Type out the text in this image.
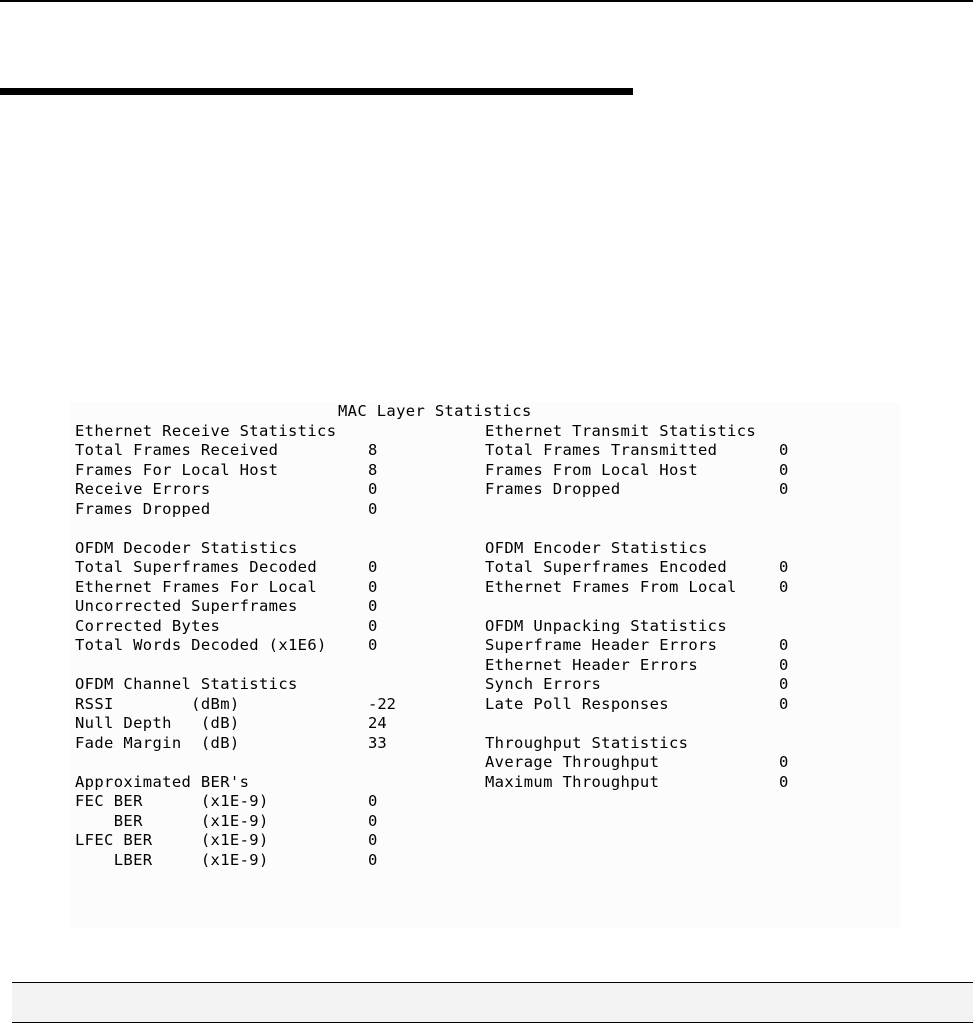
MAC Layer Statistics
Ethernet Receive Statistics
Total Frames Received	8
Frames For Local Host	8
Receive Errors	0
Frames Dropped	0
OFDM Decoder Statistics
Total Superframes Decoded	0
Ethernet Frames For Local	0
Uncorrected Superframes	0
Corrected Bytes	0
Total Words Decoded (x1E6)	0
OFDM Channel Statistics
RSSI        (dBm)	-22
Null Depth   (dB)	24
Fade Margin  (dB)	33
Approximated BER's
FEC BER      (x1E-9)	0
BER      (x1E-9)	0
LFEC BER     (x1E-9)	0
LBER     (x1E-9)	0
Ethernet Transmit Statistics
Total Frames Transmitted	0
Frames From Local Host	0
Frames Dropped	0
OFDM Encoder Statistics
Total Superframes Encoded	0
Ethernet Frames From Local	0
OFDM Unpacking Statistics
Superframe Header Errors	0
Ethernet Header Errors	0
Synch Errors	0
Late Poll Responses	0
Throughput Statistics
Average Throughput	0
Maximum Throughput	0
